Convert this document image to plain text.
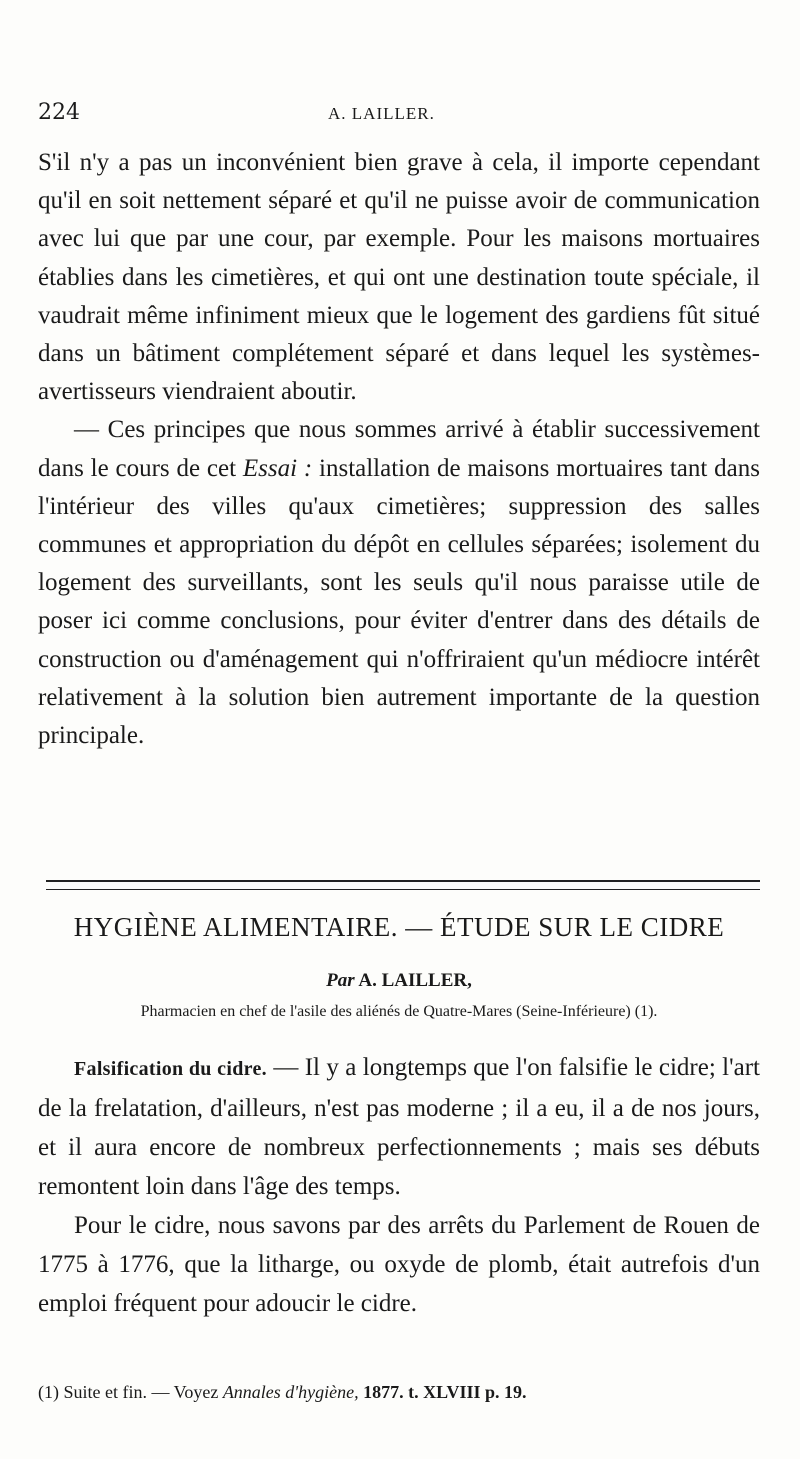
224	A. LAILLER.

S'il n'y a pas un inconvénient bien grave à cela, il importe cependant qu'il en soit nettement séparé et qu'il ne puisse avoir de communication avec lui que par une cour, par exemple. Pour les maisons mortuaires établies dans les cimetières, et qui ont une destination toute spéciale, il vaudrait même infiniment mieux que le logement des gardiens fût situé dans un bâtiment complétement séparé et dans lequel les systèmes-avertisseurs viendraient aboutir.

— Ces principes que nous sommes arrivé à établir successivement dans le cours de cet Essai : installation de maisons mortuaires tant dans l'intérieur des villes qu'aux cimetières; suppression des salles communes et appropriation du dépôt en cellules séparées; isolement du logement des surveillants, sont les seuls qu'il nous paraisse utile de poser ici comme conclusions, pour éviter d'entrer dans des détails de construction ou d'aménagement qui n'offriraient qu'un médiocre intérêt relativement à la solution bien autrement importante de la question principale.

HYGIÈNE ALIMENTAIRE. — ÉTUDE SUR LE CIDRE
Par A. LAILLER,
Pharmacien en chef de l'asile des aliénés de Quatre-Mares (Seine-Inférieure) (1).

Falsification du cidre. — Il y a longtemps que l'on falsifie le cidre; l'art de la frelatation, d'ailleurs, n'est pas moderne ; il a eu, il a de nos jours, et il aura encore de nombreux perfectionnements ; mais ses débuts remontent loin dans l'âge des temps.

Pour le cidre, nous savons par des arrêts du Parlement de Rouen de 1775 à 1776, que la litharge, ou oxyde de plomb, était autrefois d'un emploi fréquent pour adoucir le cidre.

(1) Suite et fin. — Voyez Annales d'hygiène, 1877. t. XLVIII p. 19.
